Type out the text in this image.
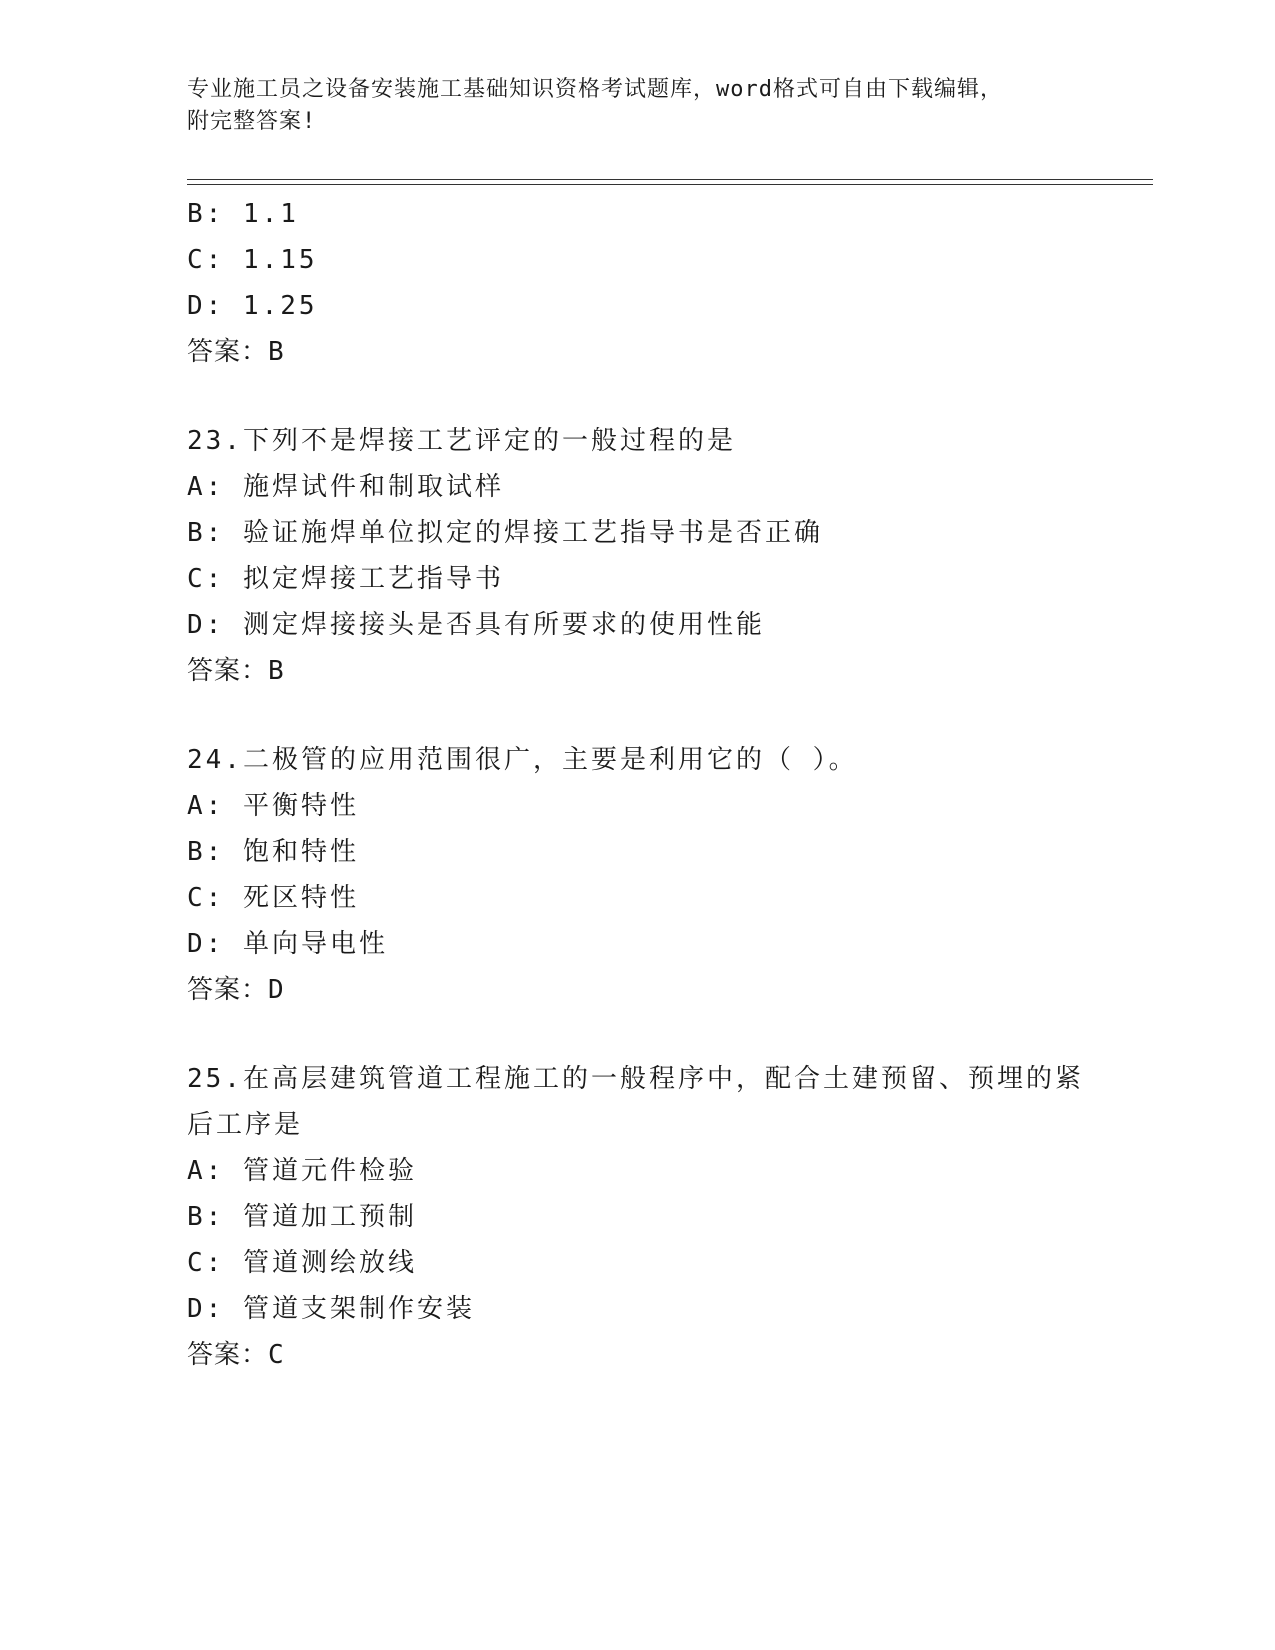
专业施工员之设备安装施工基础知识资格考试题库，word格式可自由下载编辑，
附完整答案!
B: 1.1
C: 1.15
D: 1.25
答案：B
23.下列不是焊接工艺评定的一般过程的是
A: 施焊试件和制取试样
B: 验证施焊单位拟定的焊接工艺指导书是否正确
C: 拟定焊接工艺指导书
D: 测定焊接接头是否具有所要求的使用性能
答案：B
24.二极管的应用范围很广，主要是利用它的（ ）。
A: 平衡特性
B: 饱和特性
C: 死区特性
D: 单向导电性
答案：D
25.在高层建筑管道工程施工的一般程序中，配合土建预留、预埋的紧
后工序是
A: 管道元件检验
B: 管道加工预制
C: 管道测绘放线
D: 管道支架制作安装
答案：C
